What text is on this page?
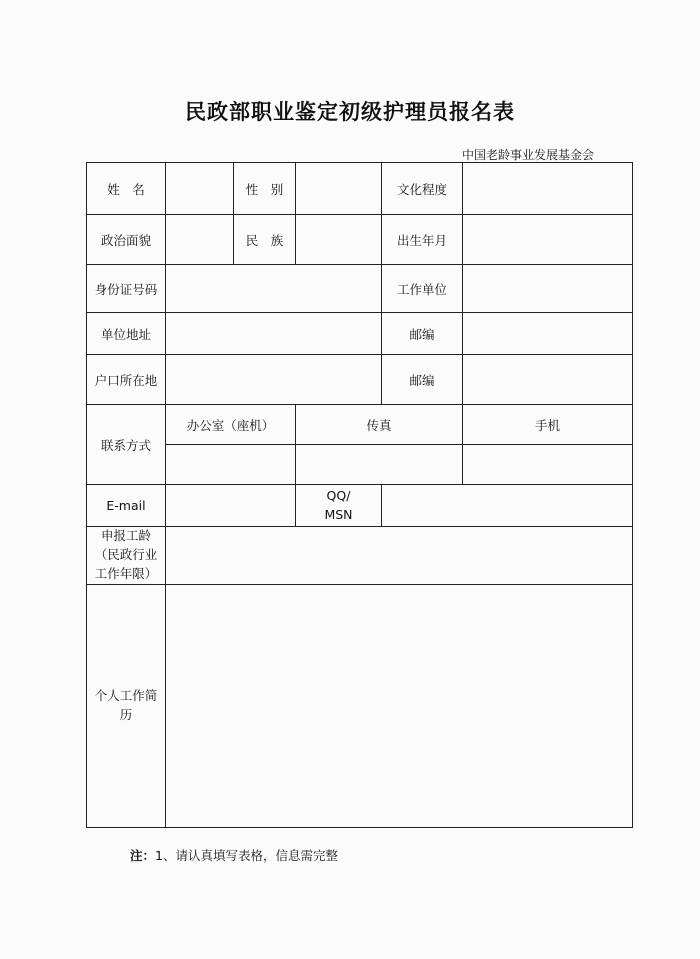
民政部职业鉴定初级护理员报名表
中国老龄事业发展基金会
姓　名		性　别		文化程度	
政治面貌		民　族		出生年月	
身份证号码				工作单位	
单位地址				邮编	
户口所在地				邮编	
联系方式	办公室（座机）		传真		手机

E-mail			QQ/
MSN		

申报工龄
（民政行业
工作年限）					

个人工作简
历					

注：1、请认真填写表格，信息需完整
